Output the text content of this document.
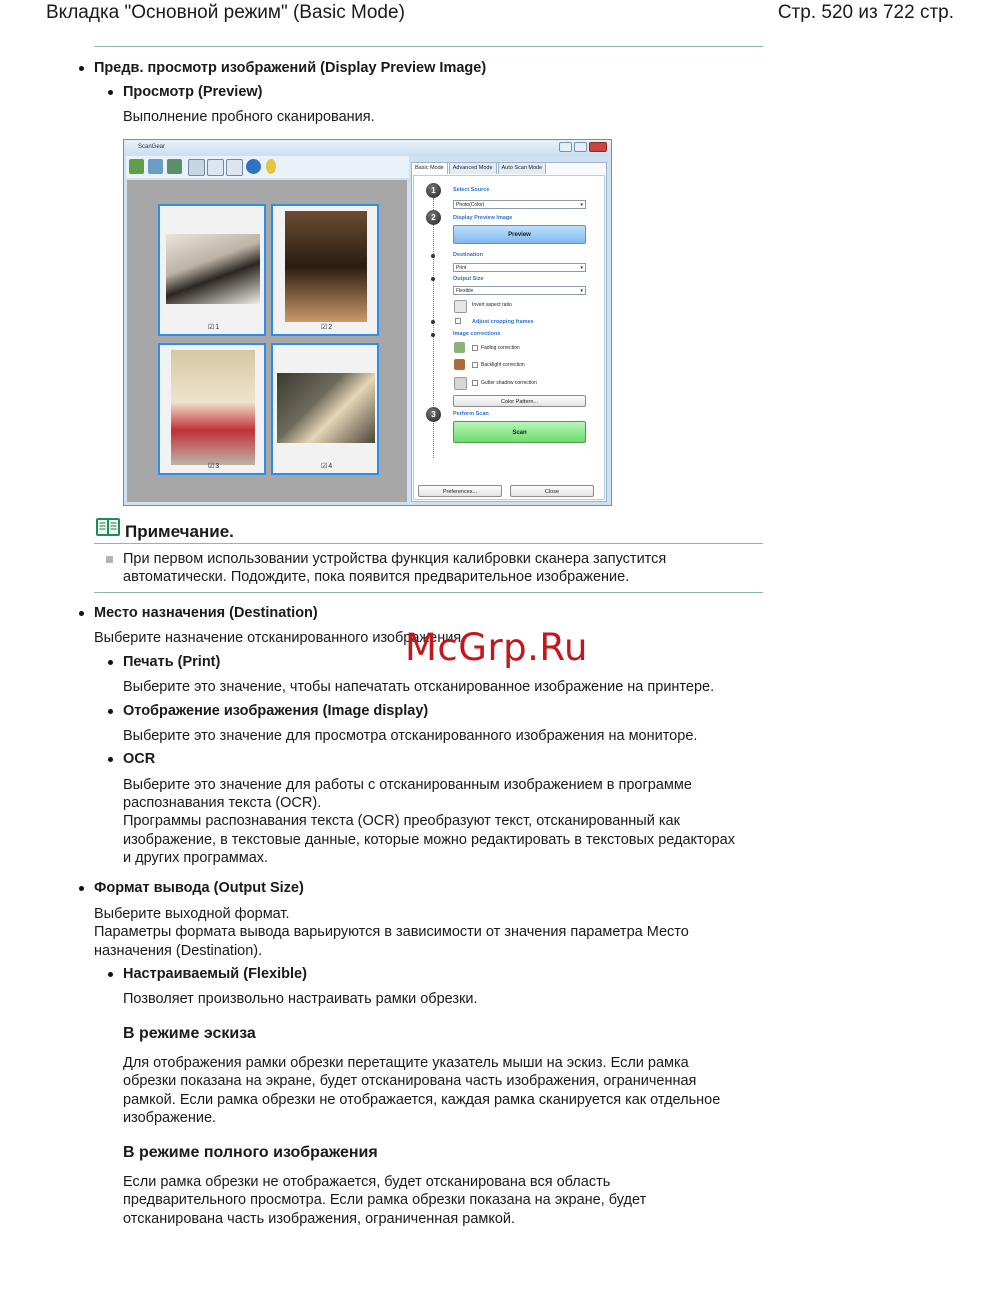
Вкладка "Основной режим" (Basic Mode)	Стр. 520 из 722 стр.
Предв. просмотр изображений (Display Preview Image)
Просмотр (Preview)
Выполнение пробного сканирования.
ScanGear
☑ 1	☑ 2
☑ 3	☑ 4
Basic Mode	Advanced Mode	Auto Scan Mode
1	Select Source
Photo(Color) ▾
2	Display Preview Image
Preview
Destination
Print ▾
Output Size
Flexible ▾
Invert aspect ratio
Adjust cropping frames
Image corrections
Fading correction
Backlight correction
Gutter shadow correction
Color Pattern...
3	Perform Scan
Scan
Preferences...	Close
Примечание.
При первом использовании устройства функция калибровки сканера запустится
автоматически. Подождите, пока появится предварительное изображение.
Место назначения (Destination)
Выберите назначение отсканированного изображения.
McGrp.Ru
Печать (Print)
Выберите это значение, чтобы напечатать отсканированное изображение на принтере.
Отображение изображения (Image display)
Выберите это значение для просмотра отсканированного изображения на мониторе.
OCR
Выберите это значение для работы с отсканированным изображением в программе
распознавания текста (OCR).
Программы распознавания текста (OCR) преобразуют текст, отсканированный как
изображение, в текстовые данные, которые можно редактировать в текстовых редакторах
и других программах.
Формат вывода (Output Size)
Выберите выходной формат.
Параметры формата вывода варьируются в зависимости от значения параметра Место
назначения (Destination).
Настраиваемый (Flexible)
Позволяет произвольно настраивать рамки обрезки.
В режиме эскиза
Для отображения рамки обрезки перетащите указатель мыши на эскиз. Если рамка
обрезки показана на экране, будет отсканирована часть изображения, ограниченная
рамкой. Если рамка обрезки не отображается, каждая рамка сканируется как отдельное
изображение.
В режиме полного изображения
Если рамка обрезки не отображается, будет отсканирована вся область
предварительного просмотра. Если рамка обрезки показана на экране, будет
отсканирована часть изображения, ограниченная рамкой.
